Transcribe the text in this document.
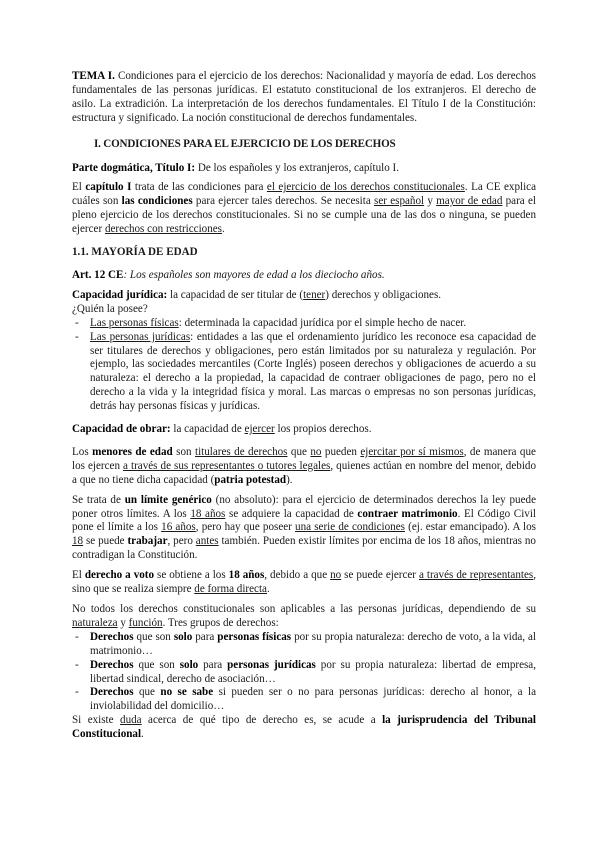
TEMA I. Condiciones para el ejercicio de los derechos: Nacionalidad y mayoría de edad. Los derechos fundamentales de las personas jurídicas. El estatuto constitucional de los extranjeros. El derecho de asilo. La extradición. La interpretación de los derechos fundamentales. El Título I de la Constitución: estructura y significado. La noción constitucional de derechos fundamentales.

I. CONDICIONES PARA EL EJERCICIO DE LOS DERECHOS

Parte dogmática, Título I: De los españoles y los extranjeros, capítulo I.

El capítulo I trata de las condiciones para el ejercicio de los derechos constitucionales. La CE explica cuáles son las condiciones para ejercer tales derechos. Se necesita ser español y mayor de edad para el pleno ejercicio de los derechos constitucionales. Si no se cumple una de las dos o ninguna, se pueden ejercer derechos con restricciones.

1.1. MAYORÍA DE EDAD

Art. 12 CE: Los españoles son mayores de edad a los dieciocho años.

Capacidad jurídica: la capacidad de ser titular de (tener) derechos y obligaciones.

¿Quién la posee?

- Las personas físicas: determinada la capacidad jurídica por el simple hecho de nacer.
- Las personas jurídicas: entidades a las que el ordenamiento jurídico les reconoce esa capacidad de ser titulares de derechos y obligaciones, pero están limitados por su naturaleza y regulación. Por ejemplo, las sociedades mercantiles (Corte Inglés) poseen derechos y obligaciones de acuerdo a su naturaleza: el derecho a la propiedad, la capacidad de contraer obligaciones de pago, pero no el derecho a la vida y la integridad física y moral. Las marcas o empresas no son personas jurídicas, detrás hay personas físicas y jurídicas.

Capacidad de obrar: la capacidad de ejercer los propios derechos.

Los menores de edad son titulares de derechos que no pueden ejercitar por sí mismos, de manera que los ejercen a través de sus representantes o tutores legales, quienes actúan en nombre del menor, debido a que no tiene dicha capacidad (patria potestad).

Se trata de un límite genérico (no absoluto): para el ejercicio de determinados derechos la ley puede poner otros límites. A los 18 años se adquiere la capacidad de contraer matrimonio. El Código Civil pone el límite a los 16 años, pero hay que poseer una serie de condiciones (ej. estar emancipado). A los 18 se puede trabajar, pero antes también. Pueden existir límites por encima de los 18 años, mientras no contradigan la Constitución.

El derecho a voto se obtiene a los 18 años, debido a que no se puede ejercer a través de representantes, sino que se realiza siempre de forma directa.

No todos los derechos constitucionales son aplicables a las personas jurídicas, dependiendo de su naturaleza y función. Tres grupos de derechos:

- Derechos que son solo para personas físicas por su propia naturaleza: derecho de voto, a la vida, al matrimonio…
- Derechos que son solo para personas jurídicas por su propia naturaleza: libertad de empresa, libertad sindical, derecho de asociación…
- Derechos que no se sabe si pueden ser o no para personas jurídicas: derecho al honor, a la inviolabilidad del domicilio…

Si existe duda acerca de qué tipo de derecho es, se acude a la jurisprudencia del Tribunal Constitucional.
